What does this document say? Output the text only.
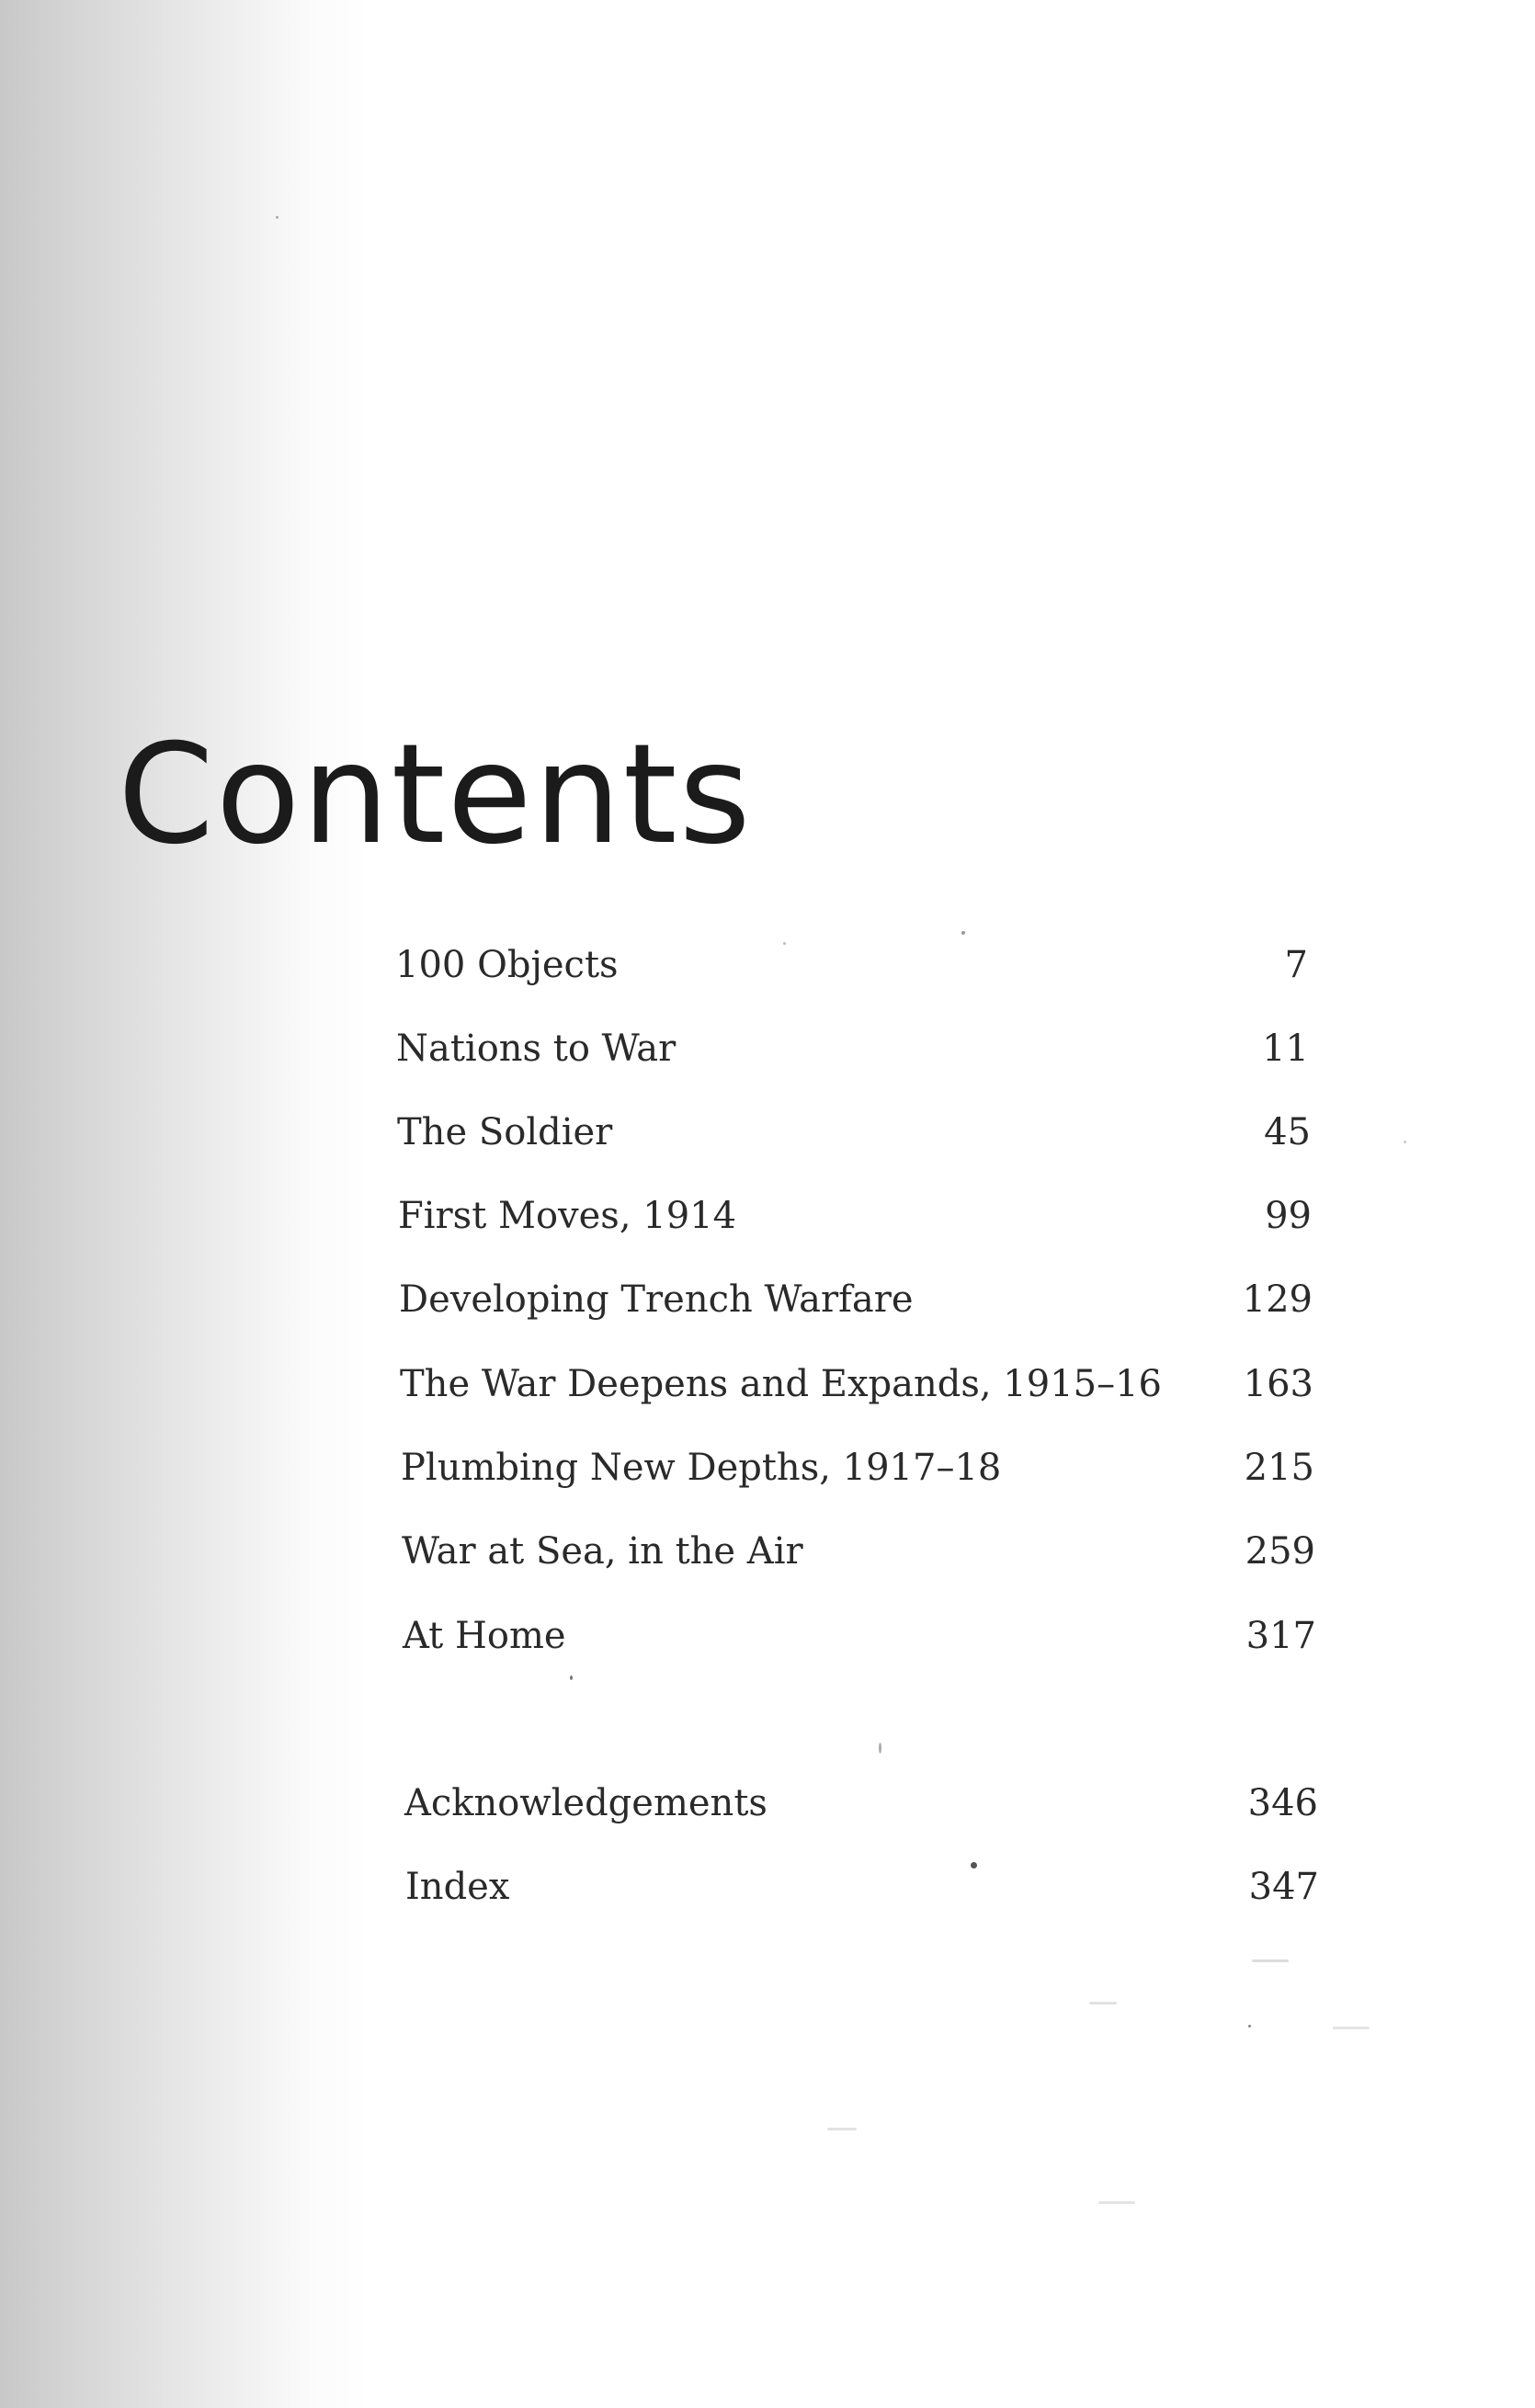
Contents
100 Objects	7
Nations to War	11
The Soldier	45
First Moves, 1914	99
Developing Trench Warfare	129
The War Deepens and Expands, 1915–16 163
Plumbing New Depths, 1917–18	215
War at Sea, in the Air	259
At Home	317
Acknowledgements	346
Index	347
